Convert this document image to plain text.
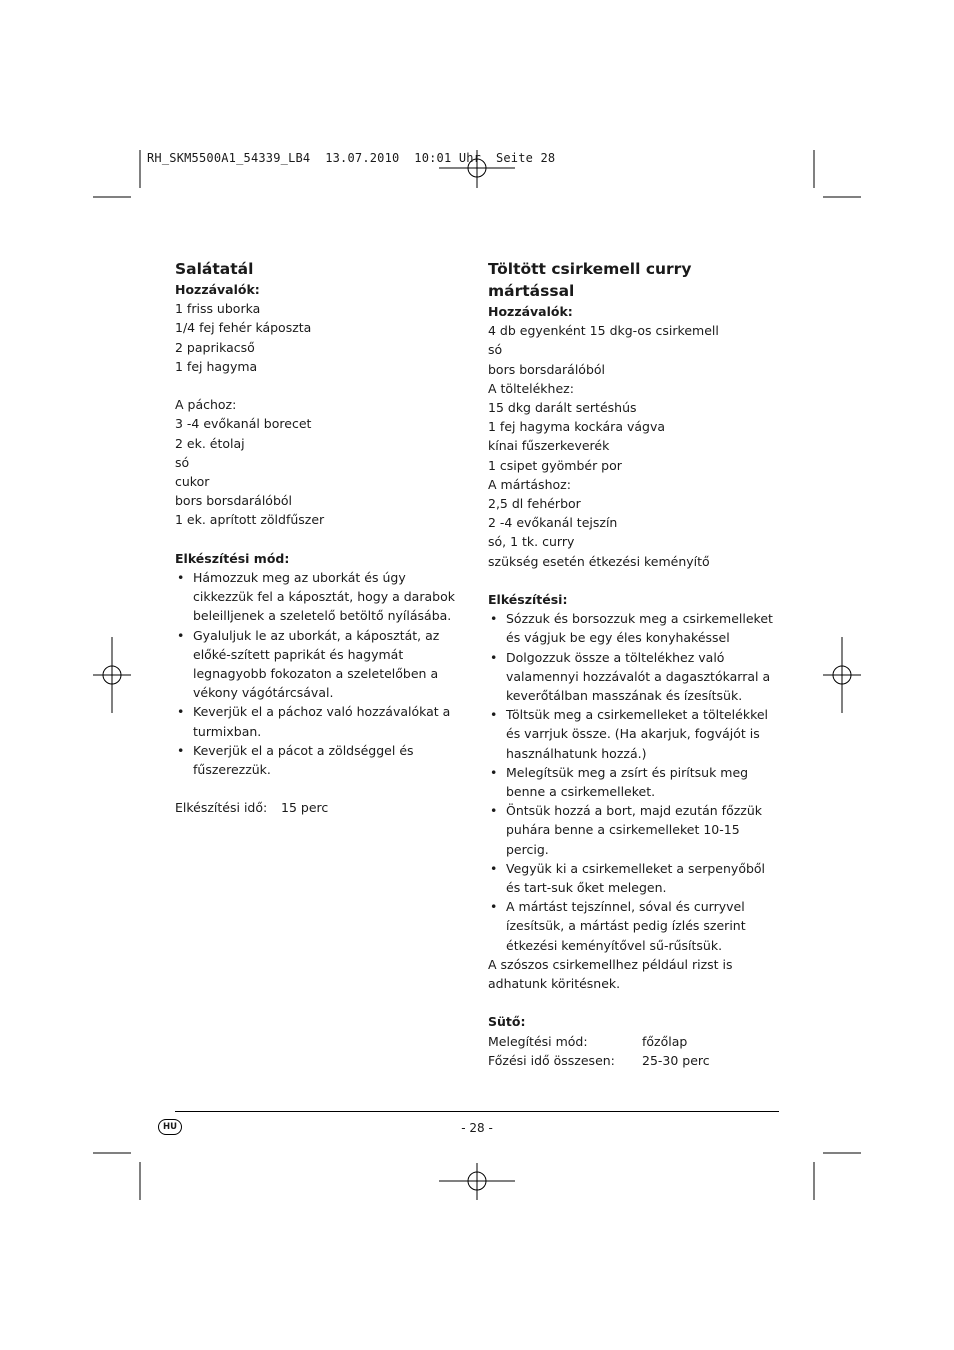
RH_SKM5500A1_54339_LB4  13.07.2010  10:01 Uhr  Seite 28
Salátatál
Hozzávalók:
1 friss uborka
1/4 fej fehér káposzta
2 paprikacső
1 fej hagyma
A páchoz:
3 -4 evőkanál borecet
2 ek. étolaj
só
cukor
bors borsdarálóból
1 ek. aprított zöldfűszer
Elkészítési mód:
• Hámozzuk meg az uborkát és úgy cikkezzük fel a káposztát, hogy a darabok beleilljenek a szeletelő betöltő nyílásába.
• Gyaluljuk le az uborkát, a káposztát, az előké-szített paprikát és hagymát legnagyobb fokozaton a szeletelőben a vékony vágótárcsával.
• Keverjük el a páchoz való hozzávalókat a turmixban.
• Keverjük el a pácot a zöldséggel és fűszerezzük.
Elkészítési idő:	15 perc
Töltött csirkemell curry mártással
Hozzávalók:
4 db egyenként 15 dkg-os csirkemell
só
bors borsdarálóból
A töltelékhez:
15 dkg darált sertéshús
1 fej hagyma kockára vágva
kínai fűszerkeverék
1 csipet gyömbér por
A mártáshoz:
2,5 dl fehérbor
2 -4 evőkanál tejszín
só, 1 tk. curry
szükség esetén étkezési keményítő
Elkészítési:
• Sózzuk és borsozzuk meg a csirkemelleket és vágjuk be egy éles konyhakéssel
• Dolgozzuk össze a töltelékhez való valamennyi hozzávalót a dagasztókarral a keverőtálban masszának és ízesítsük.
• Töltsük meg a csirkemelleket a töltelékkel és varrjuk össze. (Ha akarjuk, fogvájót is használhatunk hozzá.)
• Melegítsük meg a zsírt és pirítsuk meg benne a csirkemelleket.
• Öntsük hozzá a bort, majd ezután főzzük puhára benne a csirkemelleket 10-15 percig.
• Vegyük ki a csirkemelleket a serpenyőből és tart-suk őket melegen.
• A mártást tejszínnel, sóval és curryvel ízesítsük, a mártást pedig ízlés szerint étkezési keményítővel sű-rűsítsük.
A szószos csirkemellhez például rizst is adhatunk köritésnek.
Sütő:
Melegítési mód:	főzőlap
Főzési idő összesen:	25-30 perc
HU	- 28 -
